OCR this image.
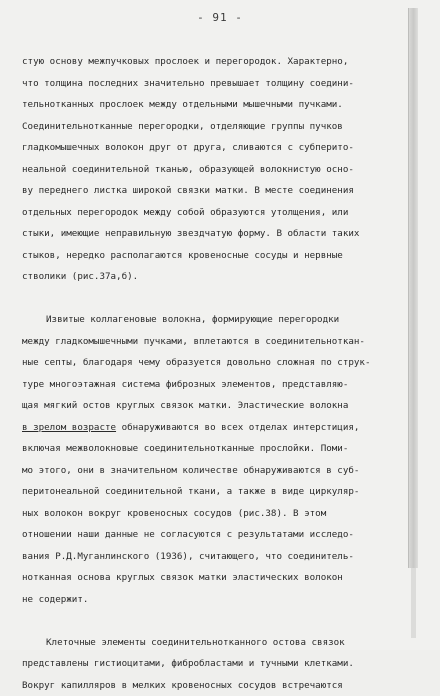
- 91 -
стую основу межпучковых прослоек и перегородок. Характерно,
что толщина последних значительно превышает толщину соедини-
тельнотканных прослоек между отдельными мышечными пучками.
Соединительнотканные перегородки, отделяющие группы пучков
гладкомышечных волокон друг от друга, сливаются с субперито-
неальной соединительной тканью, образующей волокнистую осно-
ву переднего листка широкой связки матки. В месте соединения
отдельных перегородок между собой образуются утолщения, или
стыки, имеющие неправильную звездчатую форму. В области таких
стыков, нередко располагаются кровеносные сосуды и нервные
стволики (рис.37а,б).
Извитые коллагеновые волокна, формирующие перегородки
между гладкомышечными пучками, вплетаются в соединительноткан-
ные септы, благодаря чему образуется довольно сложная по струк-
туре многоэтажная система фиброзных элементов, представляю-
щая мягкий остов круглых связок матки. Эластические волокна
в зрелом возрасте обнаруживаются во всех отделах интерстиция,
включая межволокновые соединительнотканные прослойки. Поми-
мо этого, они в значительном количестве обнаруживаются в суб-
перитонеальной соединительной ткани, а также в виде циркуляр-
ных волокон вокруг кровеносных сосудов (рис.38). В этом
отношении наши данные не согласуются с результатами исследо-
вания Р.Д.Муганлинского (1936), считающего, что соединитель-
нотканная основа круглых связок матки эластических волокон
не содержит.
Клеточные элементы соединительнотканного остова связок
представлены гистиоцитами, фибробластами и тучными клетками.
Вокруг капилляров в мелких кровеносных сосудов встречаются
